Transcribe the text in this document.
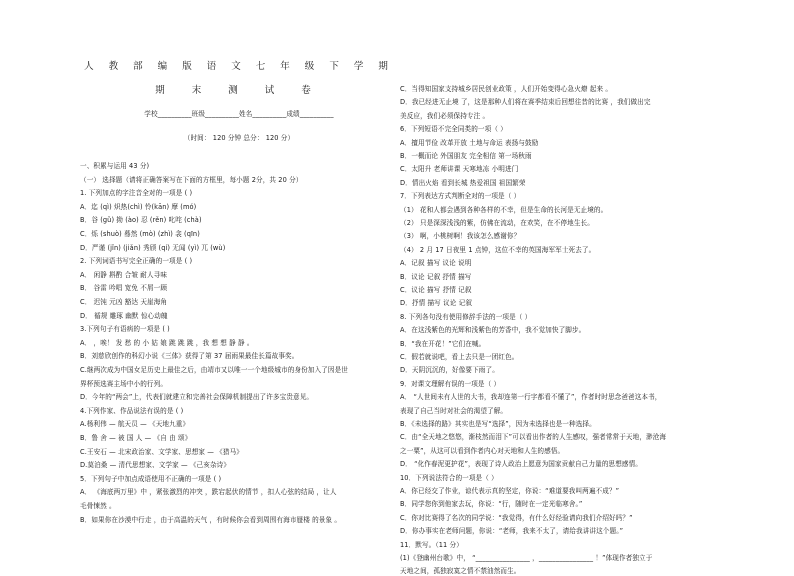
人 教 部 编 版 语 文 七 年 级 下 学 期
期 末 测 试 卷
学校__________班级__________姓名__________成绩__________
（时间： 120 分钟 总分： 120 分）
一、积累与运用 43 分)
（一） 选择题（请将正确答案写在下面的方框里，每小题 2分，共 20 分）
1. 下列加点的字注音全对的一项是 ( )
A．迄 (qì) 炽热(chì) 怜(kān) 摩 (mó)
B．谷 (gǔ) 拗 (ào) 忍 (rěn) 叱咤 (chà)
C．烁 (shuò) 蓦然 (mò) (zhì) 衾 (qīn)
D．严谨 (jǐn) (jiǎn) 秀颀 (qí) 无闻 (yì) 兀 (wù)
2. 下列词语书写完全正确的一项是 ( )
A． 闲静 斟酌 合皱 耐人寻味
B． 谷雷 吟唱 宽免 不屑一顾
C． 迟钝 元凶 豁达 天崖海角
D． 循规 雕琢 幽默 惊心动魄
3.下列句子有语病的一项是 ( )
A． ，唉！ 发 愁 的 小 姑 娘 跳 跳 跳 ，我 想 想 静 静 。
B．刘慈欣创作的科幻小说《三体》获得了第 37 届雨果最佳长篇故事奖。
C.继两次成为中国女足历史上最佳之后，由靖市又以唯一一个地级城市的身份加入了因是世
界杯预选赛主场中小的行列。
D．今年的“两会”上，代表们就建立和完善社会保障机制提出了许多宝贵意见。
4.下列作家、作品说法有误的是 ( )
A.杨利伟 — 航天员 — 《天地九重》
B．鲁 舍 — 被 国 人 — 《自 由 颂》
C.王安石 — 北宋政治家、文学家、思想家 — 《猎马》
D.莫泊桑 — 清代思想家、文学家 — 《己亥杂诗》
5．下列句子中加点成语使用不正确的一项是 ( )
A． 《海底两万里》中 ，紧张激烈的冲突 ，跌宕起伏的情节 ，扣人心弦的结局 ，让人
毛骨悚然 。
B．如果你在沙漠中行走 ，由于高温的天气 ，有时候你会看到周围有海市蜃楼 的景象 。
C．当得知国家支持城乡居民创业政策 ，人们开始变得心急火燎 起来 。
D．我已经进无止境 了，这是那种人们将在赛季结束后回想往昔的比赛 ，我们做出完
美反应，我们必须保持专注 。
6．下列短语不完全同类的一项（ ）
A．擅用节俭 改革开放 土地与命运 表扬与鼓励
B．一概而论 外国朋友 完全相信 第一场秋雨
C．太阳升 老师讲课 天寒地冻 小明进门
D．情出火焰 看到长城 热爱祖国 祖国繁荣
7．下列表达方式判断全对的一项是（ ）
（1） 花和人都会遇到各种各样的不幸，但是生命的长河是无止境的。
（2） 只是深深浅浅的紫，仿佛在流动，在欢笑，在不停地生长。
（3） 啊，小桃树啊！我该怎么感谢你？
（4） 2 月 17 日夜里 1 点钟，这位不幸的英国海军军士死去了。
A．记叙 描写 议论 说明
B．议论 记叙 抒情 描写
C．议论 描写 抒情 记叙
D．抒情 描写 议论 记叙
8. 下列各句没有使用修辞手法的一项是（ ）
A．在这浅紫色的光辉和浅紫色的芳香中，我不觉加快了脚步。
B．“我在开花！”它们在喊。
C．假若就说吧，看上去只是一团红色。
D．天阴沉沉的，好像要下雨了。
9．对课文理解有误的一项是（ ）
A． “人世间未有人世的大书，我却连第一行字都看不懂了”，作者时时思念爸爸这本书，
表现了自己当时对社会的渴望了解。
B．《未选择的路》其实也是写“选择”，因为未选择也是一种选择。
C．由“全天地之悠悠，渐枝然而泪下”可以看出作者的人生感叹，强者常常于天地，渺沧海
之一粟”，从这可以看到作者内心对天地和人生的感悟。
D． “化作春泥更护花”，表现了诗人政治上愿意为国家贡献自己力量的思想感情。
10．下列说法符合的一项是（ ）
A．你已经交了作业，谅代表示真的坚定，你说：“难道要我叫两遍不成？”
B．同学您你到他家去玩，你说：“行，随时在一定光临寒舍。”
C．你对比赛得了名次的同学说：“我觉得，有什么好经验请向我们介绍好吗？”
D．你办事实在老师问题，你说：“老师，我来不太了，请给我讲讲这个题。”
11．默写。（11 分）
(1)《登幽州台歌》中， “________________ ，________________ ！”体现作者独立于
天地之间，孤独寂寞之情不禁油然而生。
